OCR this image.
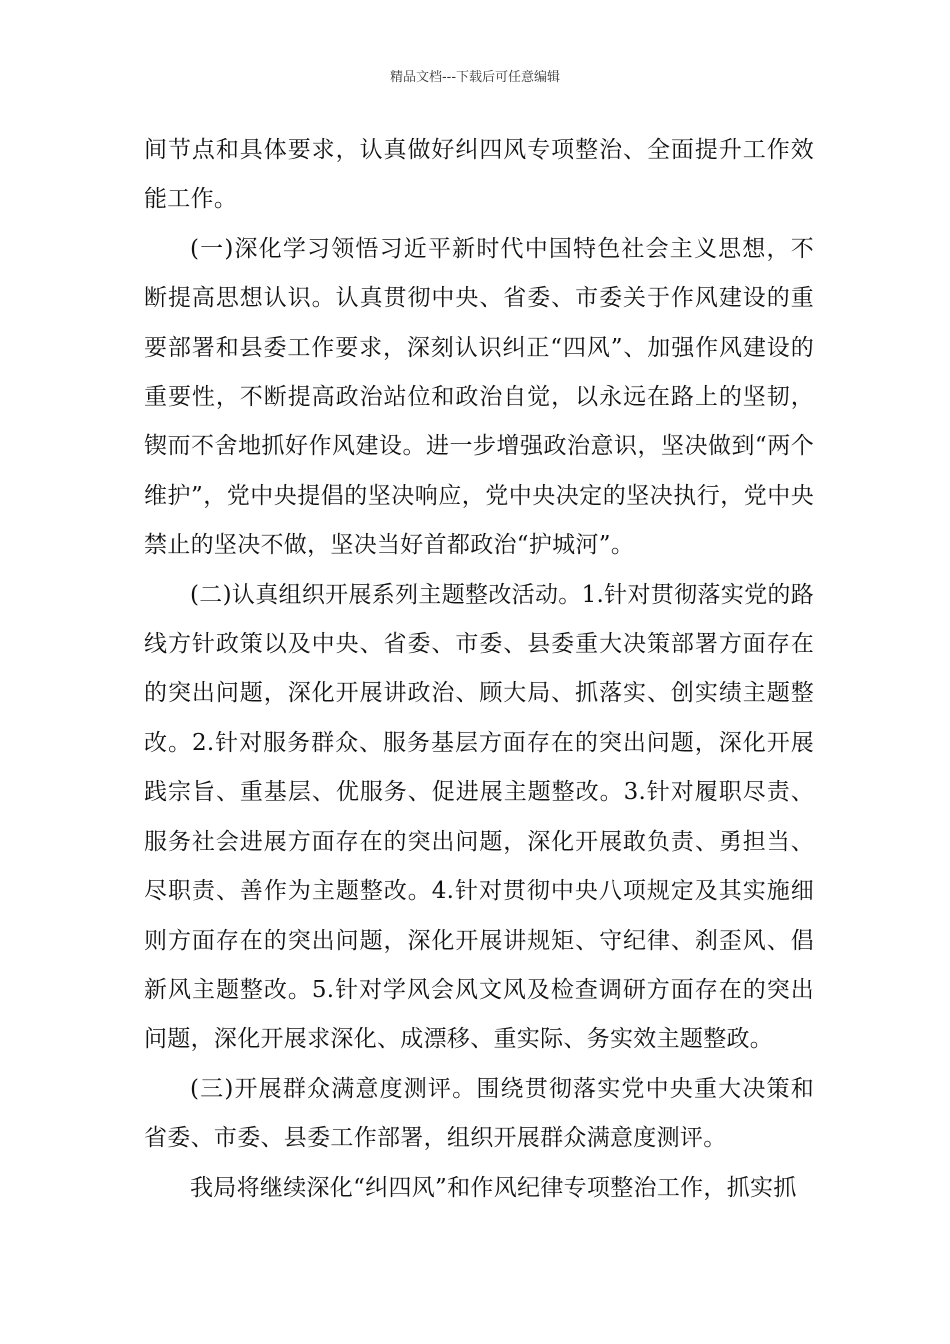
精品文档---下载后可任意编辑

间节点和具体要求，认真做好纠四风专项整治、全面提升工作效能工作。

(一)深化学习领悟习近平新时代中国特色社会主义思想，不断提高思想认识。认真贯彻中央、省委、市委关于作风建设的重要部署和县委工作要求，深刻认识纠正“四风”、加强作风建设的重要性，不断提高政治站位和政治自觉，以永远在路上的坚韧，锲而不舍地抓好作风建设。进一步增强政治意识，坚决做到“两个维护”，党中央提倡的坚决响应，党中央决定的坚决执行，党中央禁止的坚决不做，坚决当好首都政治“护城河”。

(二)认真组织开展系列主题整改活动。1.针对贯彻落实党的路线方针政策以及中央、省委、市委、县委重大决策部署方面存在的突出问题，深化开展讲政治、顾大局、抓落实、创实绩主题整改。2.针对服务群众、服务基层方面存在的突出问题，深化开展践宗旨、重基层、优服务、促进展主题整改。3.针对履职尽责、服务社会进展方面存在的突出问题，深化开展敢负责、勇担当、尽职责、善作为主题整改。4.针对贯彻中央八项规定及其实施细则方面存在的突出问题，深化开展讲规矩、守纪律、刹歪风、倡新风主题整改。5.针对学风会风文风及检查调研方面存在的突出问题，深化开展求深化、成漂移、重实际、务实效主题整政。

(三)开展群众满意度测评。围绕贯彻落实党中央重大决策和省委、市委、县委工作部署，组织开展群众满意度测评。

我局将继续深化“纠四风”和作风纪律专项整治工作，抓实抓
